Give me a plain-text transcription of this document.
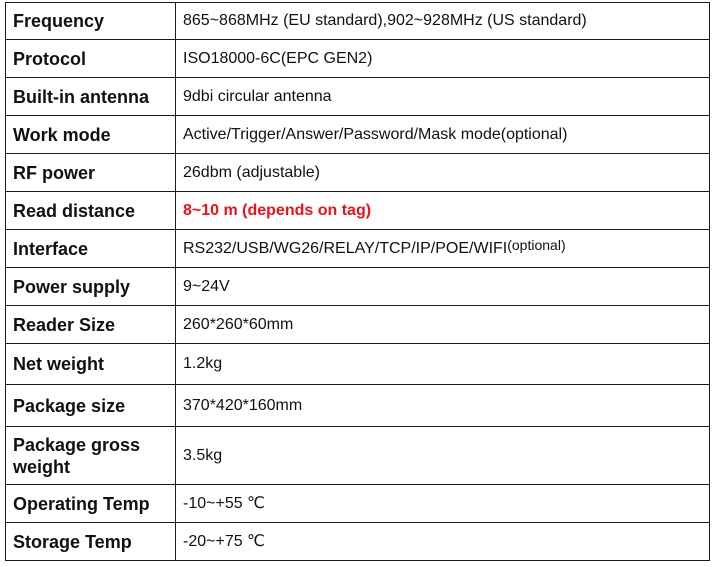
Frequency	865~868MHz (EU standard),902~928MHz (US standard)
Protocol	ISO18000-6C(EPC GEN2)
Built-in antenna	9dbi circular antenna
Work mode	Active/Trigger/Answer/Password/Mask mode(optional)
RF power	26dbm (adjustable)
Read distance	8~10 m (depends on tag)
Interface	RS232/USB/WG26/RELAY/TCP/IP/POE/WIFI(optional)
Power supply	9~24V
Reader Size	260*260*60mm
Net weight	1.2kg
Package size	370*420*160mm
Package gross weight	3.5kg
Operating Temp	-10~+55 ℃
Storage Temp	-20~+75 ℃
